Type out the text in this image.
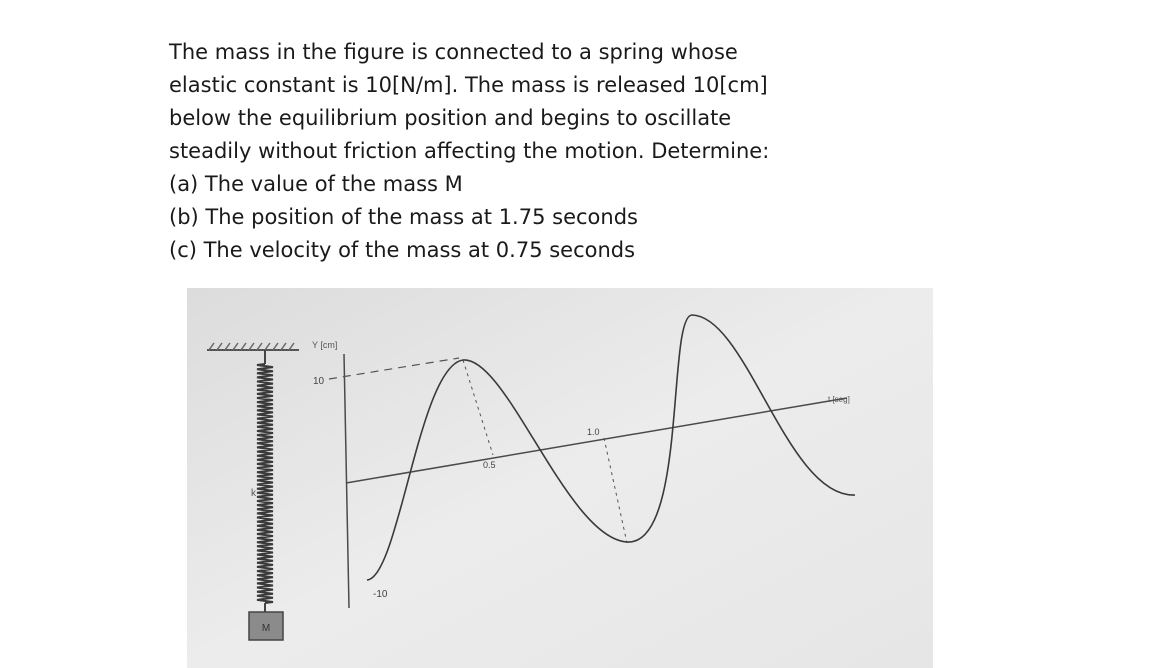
The mass in the figure is connected to a spring whose

elastic constant is 10[N/m]. The mass is released 10[cm]

below the equilibrium position and begins to oscillate

steadily without friction affecting the motion. Determine:

(a) The value of the mass M

(b) The position of the mass at 1.75 seconds

(c) The velocity of the mass at 0.75 seconds

k
M
Y [cm]
t [seg]
10
-10
0.5
1.0
